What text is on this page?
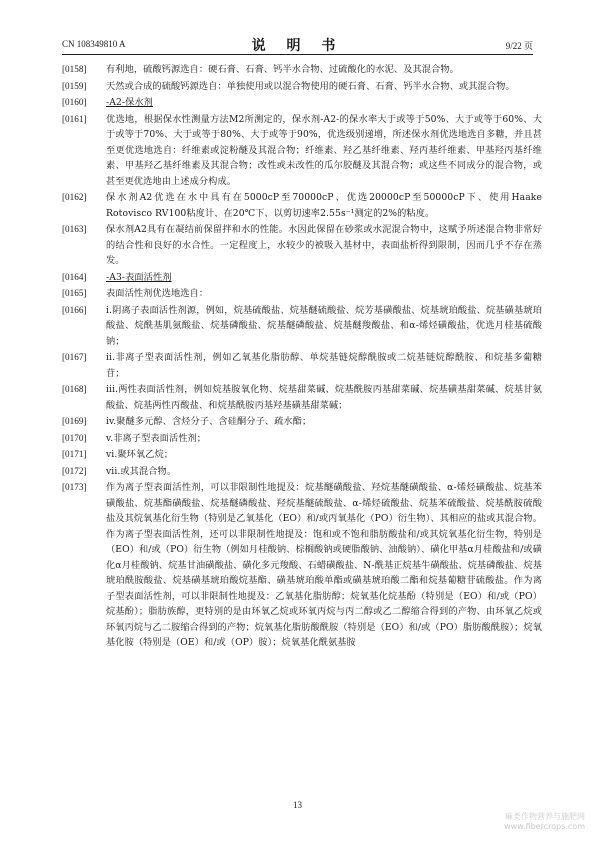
CN 108349810 A	说 明 书	9/22 页
[0158]	有利地，硫酸钙源选自：硬石膏、石膏、钙半水合物、过硫酸化的水泥、及其混合物。
[0159]	天然或合成的硫酸钙源选自：单独使用或以混合物使用的硬石膏、石膏、钙半水合物、或其混合物。
[0160]	-A2-保水剂
[0161]	优选地，根据保水性测量方法M2所测定的，保水剂-A2-的保水率大于或等于50%、大于或等于60%、大于或等于70%、大于或等于80%、大于或等于90%，优选级别递增，所述保水剂优选地选自多糖，并且甚至更优选地选自：纤维素或淀粉醚及其混合物；纤维素、羟乙基纤维素、羟丙基纤维素、甲基羟丙基纤维素、甲基羟乙基纤维素及其混合物；改性或未改性的瓜尔胶醚及其混合物；或这些不同成分的混合物，或甚至更优选地由上述成分构成。
[0162]	保水剂A2优选在水中具有在5000cP至70000cP、优选20000cP至50000cP下、使用Haake Rotovisco RV100粘度计、在20℃下、以剪切速率2.55s⁻¹测定的2%的粘度。
[0163]	保水剂A2具有在凝结前保留拌和水的性能。水因此保留在砂浆或水泥混合物中，这赋予所述混合物非常好的结合性和良好的水合性。一定程度上，水较少的被吸入基材中，表面盐析得到限制，因而几乎不存在蒸发。
[0164]	-A3-表面活性剂
[0165]	表面活性剂优选地选自：
[0166]	i.阴离子表面活性剂源，例如，烷基硫酸盐、烷基醚硫酸盐、烷芳基磺酸盐、烷基琥珀酸盐、烷基磺基琥珀酸盐、烷酰基肌氨酸盐、烷基磷酸盐、烷基醚磷酸盐、烷基醚羧酸盐、和α-烯烃磺酸盐，优选月桂基硫酸钠；
[0167]	ii.非离子型表面活性剂，例如乙氧基化脂肪醇、单烷基链烷醇酰胺或二烷基链烷醇酰胺、和烷基多葡糖苷；
[0168]	iii.两性表面活性剂，例如烷基胺氧化物、烷基甜菜碱、烷基酰胺丙基甜菜碱、烷基磺基甜菜碱、烷基甘氨酸盐、烷基两性丙酸盐、和烷基酰胺丙基羟基磺基甜菜碱；
[0169]	iv.聚醚多元醇、含烃分子、含硅酮分子、疏水酯；
[0170]	v.非离子型表面活性剂；
[0171]	vi.聚环氧乙烷；
[0172]	vii.或其混合物。
[0173]	作为离子型表面活性剂，可以非限制性地提及：烷基醚磺酸盐、羟烷基醚磺酸盐、α-烯烃磺酸盐、烷基苯磺酸盐、烷基酯磺酸盐、烷基醚磷酸盐、羟烷基醚硫酸盐、α-烯烃硫酸盐、烷基苯硫酸盐、烷基酰胺硫酸盐及其烷氧基化衍生物（特别是乙氧基化（EO）和/或丙氧基化（PO）衍生物）、其相应的盐或其混合物。作为离子型表面活性剂，还可以非限制性地提及：饱和或不饱和脂肪酸盐和/或其烷氧基化衍生物，特别是（EO）和/或（PO）衍生物（例如月桂酸钠、棕榈酸钠或硬脂酸钠、油酸钠）、磺化甲基α月桂酸盐和/或磺化α月桂酸钠、烷基甘油磺酸盐、磺化多元羧酸、石蜡磺酸盐、N-酰基正烷基牛磺酸盐、烷基磷酸盐、烷基琥珀酰胺酸盐、烷基磺基琥珀酸烷基酯、磺基琥珀酸单酯或磺基琥珀酸二酯和烷基葡糖苷硫酸盐。作为离子型表面活性剂，可以非限制性地提及：乙氧基化脂肪醇；烷氧基化烷基酚（特别是（EO）和/或（PO）烷基酚）；脂肪族醇，更特别的是由环氧乙烷或环氧丙烷与丙二醇或乙二醇缩合得到的产物、由环氧乙烷或环氧丙烷与乙二胺缩合得到的产物；烷氧基化脂肪酸酰胺（特别是（EO）和/或（PO）脂肪酸酰胺）；烷氧基化胺（特别是（OE）和/或（OP）胺）；烷氧基化酰氨基胺
13
麻类作物营养与施肥网
www.fibercrops.com
